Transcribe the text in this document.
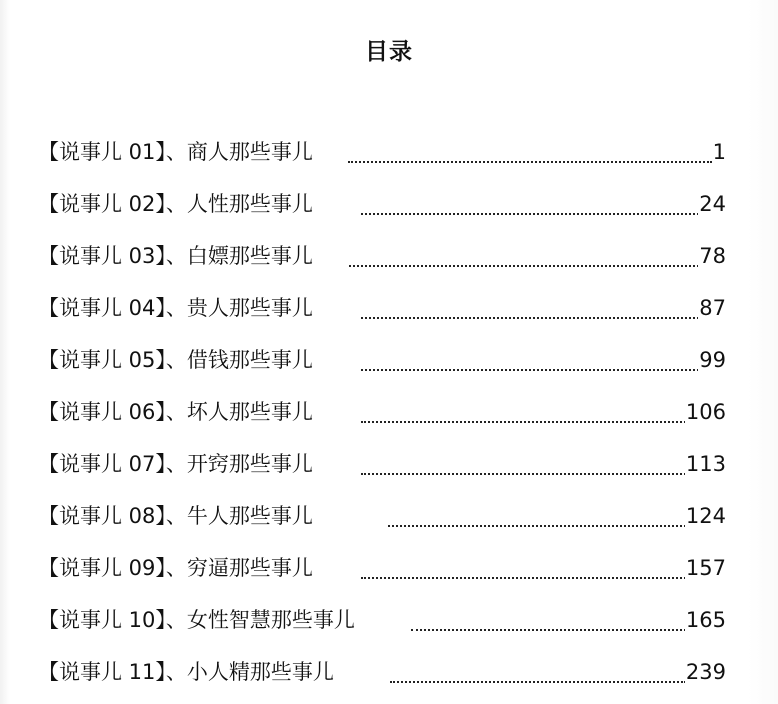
目录
【说事儿 01】、商人那些事儿	1
【说事儿 02】、人性那些事儿	24
【说事儿 03】、白嫖那些事儿	78
【说事儿 04】、贵人那些事儿	87
【说事儿 05】、借钱那些事儿	99
【说事儿 06】、坏人那些事儿	106
【说事儿 07】、开窍那些事儿	113
【说事儿 08】、牛人那些事儿	124
【说事儿 09】、穷逼那些事儿	157
【说事儿 10】、女性智慧那些事儿	165
【说事儿 11】、小人精那些事儿	239
